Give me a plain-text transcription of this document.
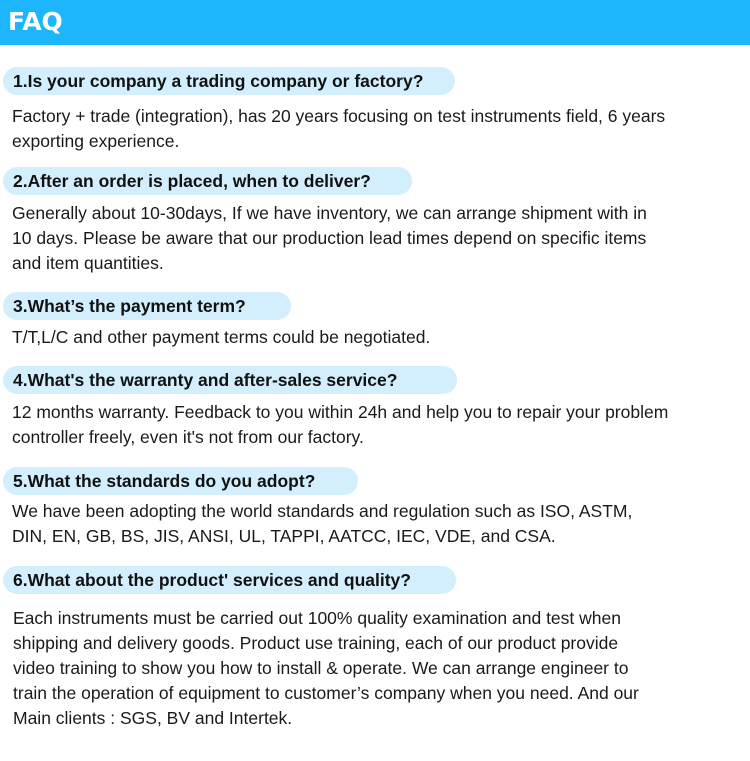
FAQ
1.Is your company a trading company or factory?
Factory + trade (integration), has 20 years focusing on test instruments field, 6 years
exporting experience.
2.After an order is placed, when to deliver?
Generally about 10-30days, If we have inventory, we can arrange shipment with in
10 days. Please be aware that our production lead times depend on specific items
and item quantities.
3.What’s the payment term?
T/T,L/C and other payment terms could be negotiated.
4.What's the warranty and after-sales service?
12 months warranty. Feedback to you within 24h and help you to repair your problem
controller freely, even it's not from our factory.
5.What the standards do you adopt?
We have been adopting the world standards and regulation such as ISO, ASTM,
DIN, EN, GB, BS, JIS, ANSI, UL, TAPPI, AATCC, IEC, VDE, and CSA.
6.What about the product' services and quality?
Each instruments must be carried out 100% quality examination and test when
shipping and delivery goods. Product use training, each of our product provide
video training to show you how to install & operate. We can arrange engineer to
train the operation of equipment to customer’s company when you need. And our
Main clients : SGS, BV and Intertek.
